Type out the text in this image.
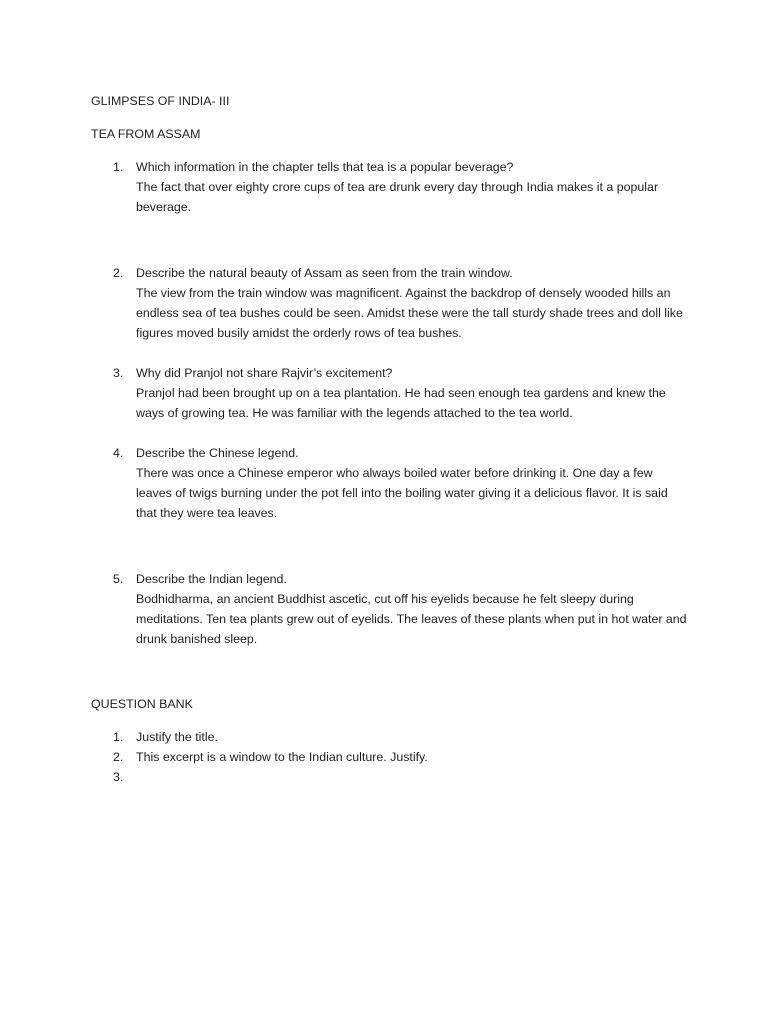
GLIMPSES OF INDIA- III
TEA FROM ASSAM
1. Which information in the chapter tells that tea is a popular beverage?
The fact that over eighty crore cups of tea are drunk every day through India makes it a popular beverage.
2. Describe the natural beauty of Assam as seen from the train window.
The view from the train window was magnificent. Against the backdrop of densely wooded hills an endless sea of tea bushes could be seen. Amidst these were the tall sturdy shade trees and doll like figures moved busily amidst the orderly rows of tea bushes.
3. Why did Pranjol not share Rajvir’s excitement?
Pranjol had been brought up on a tea plantation. He had seen enough tea gardens and knew the ways of growing tea. He was familiar with the legends attached to the tea world.
4. Describe the Chinese legend.
There was once a Chinese emperor who always boiled water before drinking it. One day a few leaves of twigs burning under the pot fell into the boiling water giving it a delicious flavor. It is said that they were tea leaves.
5. Describe the Indian legend.
Bodhidharma, an ancient Buddhist ascetic, cut off his eyelids because he felt sleepy during meditations. Ten tea plants grew out of eyelids. The leaves of these plants when put in hot water and drunk banished sleep.
QUESTION BANK
1. Justify the title.
2. This excerpt is a window to the Indian culture. Justify.
3.
